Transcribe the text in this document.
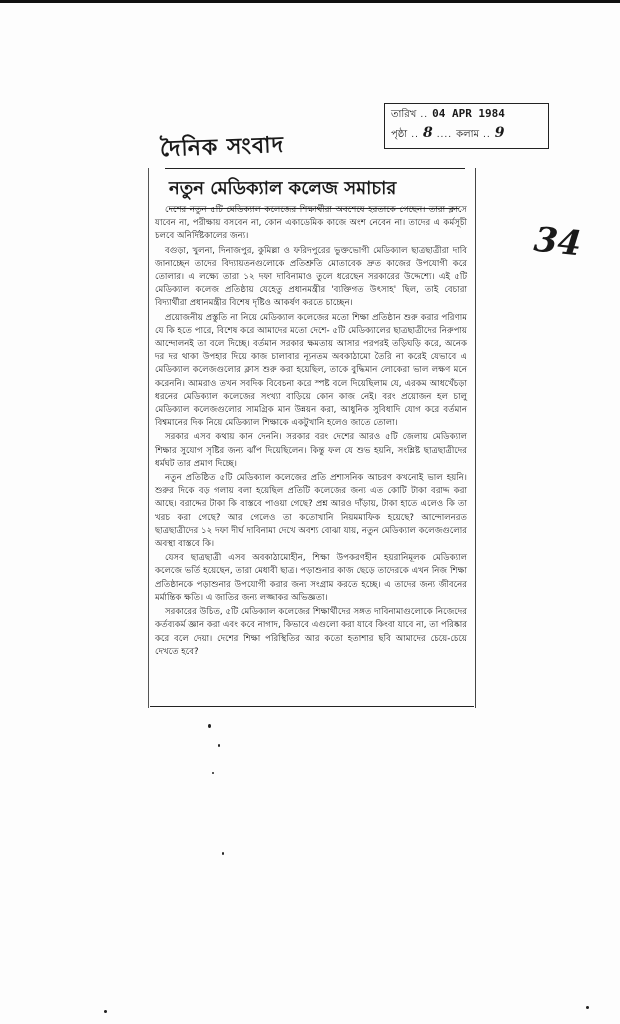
দৈনিক সংবাদ
তারিখ .. 04 APR 1984
পৃষ্ঠা .. 8 .... কলাম .. 9
34
নতুন মেডিক্যাল কলেজ সমাচার

দেশের নতুন ৫টি মেডিক্যাল কলেজের শিক্ষার্থীরা অবশেষে হরতাকে গেছেন। তারা ক্লাসে যাবেন না, পরীক্ষায় বসবেন না, কোন একাডেমিক কাজে অংশ নেবেন না। তাদের এ কর্মসূচী চলবে অনির্দিষ্টকালের জন্য।

বগুড়া, খুলনা, দিনাজপুর, কুমিল্লা ও ফরিদপুরের ভুক্তভোগী মেডিক্যাল ছাত্রছাত্রীরা দাবি জানাচ্ছেন তাদের বিদ্যায়তনগুলোকে প্রতিশ্রুতি মোতাবেক দ্রুত কাজের উপযোগী করে তোলার। এ লক্ষ্যে তারা ১২ দফা দাবিনামাও তুলে ধরেছেন সরকারের উদ্দেশ্যে। এই ৫টি মেডিক্যাল কলেজ প্রতিষ্ঠায় যেহেতু প্রধানমন্ত্রীর 'ব্যক্তিগত উৎসাহ' ছিল, তাই বেচারা বিদ্যার্থীরা প্রধানমন্ত্রীর বিশেষ দৃষ্টিও আকর্ষণ করতে চাচ্ছেন।

প্রয়োজনীয় প্রস্তুতি না নিয়ে মেডিক্যাল কলেজের মতো শিক্ষা প্রতিষ্ঠান শুরু করার পরিণাম যে কি হতে পারে, বিশেষ করে আমাদের মতো দেশে- ৫টি মেডিক্যালের ছাত্রছাত্রীদের নিরুপায় আন্দোলনই তা বলে দিচ্ছে। বর্তমান সরকার ক্ষমতায় আসার পরপরই তড়িঘড়ি করে, অনেক দর দর থাকা উপহার দিয়ে কাজ চালাবার ন্যূনতম অবকাঠামো তৈরি না করেই যেভাবে এ মেডিক্যাল কলেজগুলোর ক্লাস শুরু করা হয়েছিল, তাকে বুদ্ধিমান লোকেরা ভাল লক্ষণ মনে করেননি। আমরাও তখন সবদিক বিবেচনা করে স্পষ্ট বলে দিয়েছিলাম যে, এরকম আধখেঁচড়া ধরনের মেডিক্যাল কলেজের সংখ্যা বাড়িয়ে কোন কাজ নেই। বরং প্রয়োজন হল চালু মেডিক্যাল কলেজগুলোর সামগ্রিক মান উন্নয়ন করা, আধুনিক সুবিধাদি যোগ করে বর্তমান বিশ্বমানের দিক নিয়ে মেডিক্যাল শিক্ষাকে একটুখানি হলেও জাতে তোলা।

সরকার এসব কথায় কান দেননি। সরকার বরং দেশের আরও ৫টি জেলায় মেডিক্যাল শিক্ষার সুযোগ সৃষ্টির জন্য ঝাঁপ দিয়েছিলেন। কিন্তু ফল যে শুভ হয়নি, সংশ্লিষ্ট ছাত্রছাত্রীদের ধর্মঘট তার প্রমাণ দিচ্ছে।

নতুন প্রতিষ্ঠিত ৫টি মেডিক্যাল কলেজের প্রতি প্রশাসনিক আচরণ কখনোই ভাল হয়নি। শুরুর দিকে বড় গলায় বলা হয়েছিল প্রতিটি কলেজের জন্য এত কোটি টাকা বরাদ্দ করা আছে। বরাদ্দের টাকা কি বাস্তবে পাওয়া গেছে? প্রশ্ন আরও দাঁড়ায়, টাকা হাতে এলেও কি তা খরচ করা গেছে? আর গেলেও তা কতোখানি নিয়মমাফিক হয়েছে? আন্দোলনরত ছাত্রছাত্রীদের ১২ দফা দীর্ঘ দাবিনামা দেখে অবশ্য বোঝা যায়, নতুন মেডিক্যাল কলেজগুলোর অবস্থা বাস্তবে কি।

যেসব ছাত্রছাত্রী এসব অবকাঠামোহীন, শিক্ষা উপকরণহীন হয়রানিমূলক মেডিক্যাল কলেজে ভর্তি হয়েছেন, তারা মেধাবী ছাত্র। পড়াশুনার কাজ ছেড়ে তাদেরকে এখন নিজ শিক্ষা প্রতিষ্ঠানকে পড়াশুনার উপযোগী করার জন্য সংগ্রাম করতে হচ্ছে। এ তাদের জন্য জীবনের মর্মান্তিক ক্ষতি। এ জাতির জন্য লজ্জাকর অভিজ্ঞতা।

সরকারের উচিত, ৫টি মেডিক্যাল কলেজের শিক্ষার্থীদের সঙ্গত দাবিনামাগুলোকে নিজেদের কর্তব্যকর্ম জ্ঞান করা এবং কবে নাগাদ, কিভাবে এগুলো করা যাবে কিংবা যাবে না, তা পরিষ্কার করে বলে দেয়া। দেশের শিক্ষা পরিস্থিতির আর কতো হতাশার ছবি আমাদের চেয়ে-চেয়ে দেখতে হবে?
